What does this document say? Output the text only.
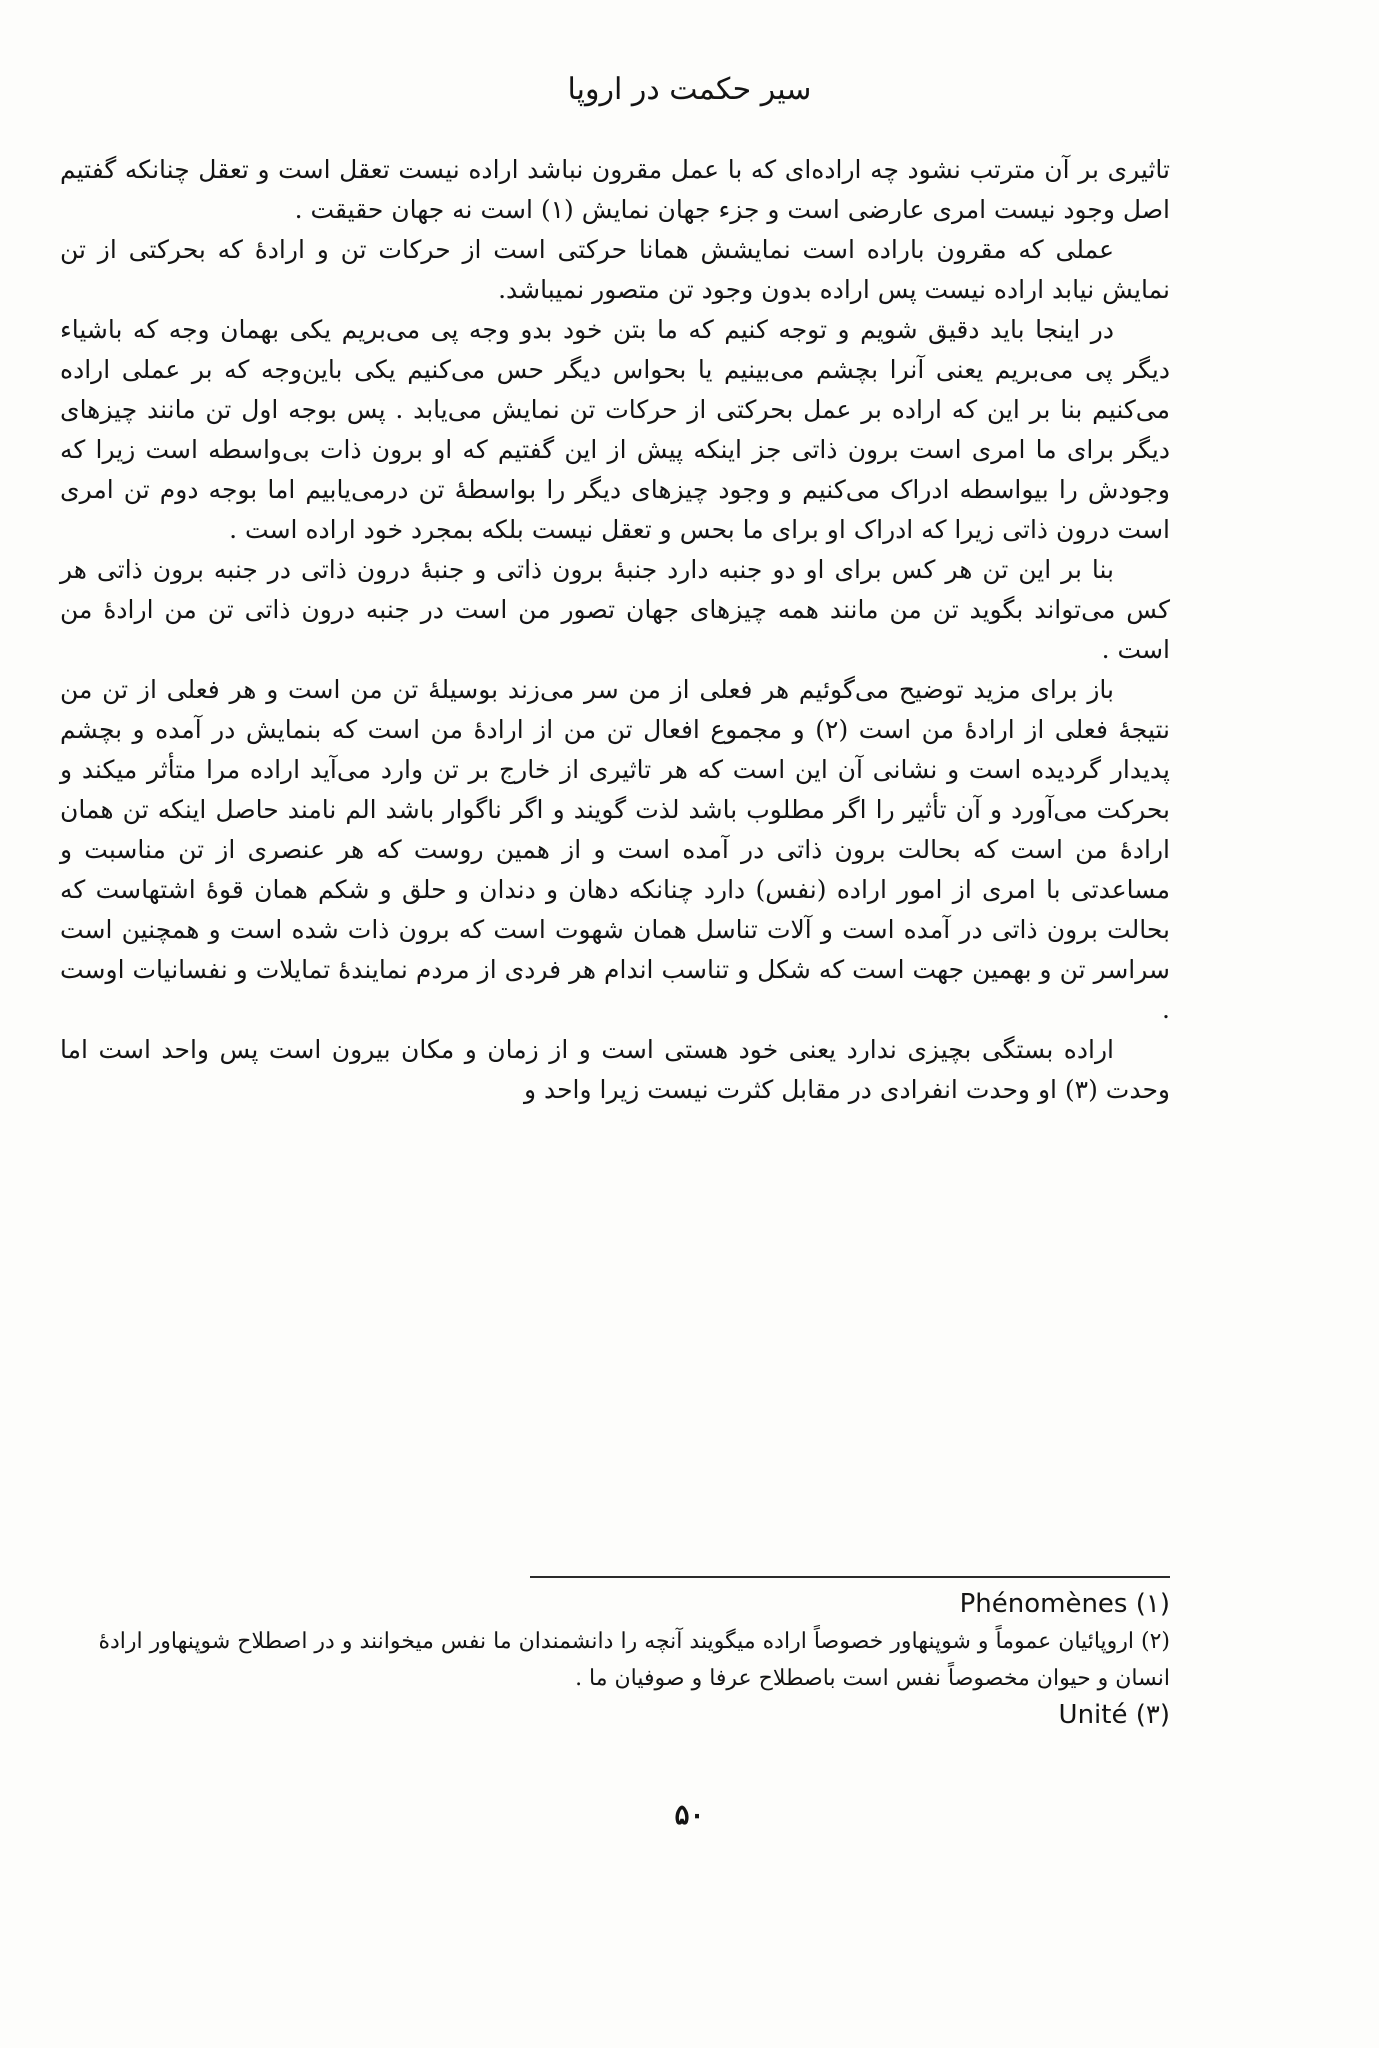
سیر حکمت در اروپا

تاثیری بر آن مترتب نشود چه اراده‌ای که با عمل مقرون نباشد اراده نیست تعقل است و تعقل چنانکه گفتیم اصل وجود نیست امری عارضی است و جزء جهان نمایش (۱) است نه جهان حقیقت .

عملی که مقرون باراده است نمایشش همانا حرکتی است از حرکات تن و ارادهٔ که بحرکتی از تن نمایش نیابد اراده نیست پس اراده بدون وجود تن متصور نمیباشد.

در اینجا باید دقیق شویم و توجه کنیم که ما بتن خود بدو وجه پی می‌بریم یکی بهمان وجه که باشیاء دیگر پی می‌بریم یعنی آنرا بچشم می‌بینیم یا بحواس دیگر حس می‌کنیم یکی باین‌وجه که بر عملی اراده می‌کنیم بنا بر این که اراده بر عمل بحرکتی از حرکات تن نمایش می‌یابد . پس بوجه اول تن مانند چیزهای دیگر برای ما امری است برون ذاتی جز اینکه پیش از این گفتیم که او برون ذات بی‌واسطه است زیرا که وجودش را بیواسطه ادراک می‌کنیم و وجود چیزهای دیگر را بواسطهٔ تن درمی‌یابیم اما بوجه دوم تن امری است درون ذاتی زیرا که ادراک او برای ما بحس و تعقل نیست بلکه بمجرد خود اراده است .

بنا بر این تن هر کس برای او دو جنبه دارد جنبهٔ برون ذاتی و جنبهٔ درون ذاتی در جنبه برون ذاتی هر کس می‌تواند بگوید تن من مانند همه چیزهای جهان تصور من است در جنبه درون ذاتی تن من ارادهٔ من است .

باز برای مزید توضیح می‌گوئیم هر فعلی از من سر می‌زند بوسیلهٔ تن من است و هر فعلی از تن من نتیجهٔ فعلی از ارادهٔ من است (۲) و مجموع افعال تن من از ارادهٔ من است که بنمایش در آمده و بچشم پدیدار گردیده است و نشانی آن این است که هر تاثیری از خارج بر تن وارد می‌آید اراده مرا متأثر میکند و بحرکت می‌آورد و آن تأثیر را اگر مطلوب باشد لذت گویند و اگر ناگوار باشد الم نامند حاصل اینکه تن همان ارادهٔ من است که بحالت برون ذاتی در آمده است و از همین روست که هر عنصری از تن مناسبت و مساعدتی با امری از امور اراده (نفس) دارد چنانکه دهان و دندان و حلق و شکم همان قوهٔ اشتهاست که بحالت برون ذاتی در آمده است و آلات تناسل همان شهوت است که برون ذات شده است و همچنین است سراسر تن و بهمین جهت است که شکل و تناسب اندام هر فردی از مردم نمایندهٔ تمایلات و نفسانیات اوست .

اراده بستگی بچیزی ندارد یعنی خود هستی است و از زمان و مکان بیرون است پس واحد است اما وحدت (۳) او وحدت انفرادی در مقابل کثرت نیست زیرا واحد و

Phénomènes (۱)

(۲) اروپائیان عموماً و شوپنهاور خصوصاً اراده میگویند آنچه را دانشمندان ما نفس میخوانند و در اصطلاح شوپنهاور ارادهٔ انسان و حیوان مخصوصاً نفس است باصطلاح عرفا و صوفیان ما .

Unité (۳)

۵۰
